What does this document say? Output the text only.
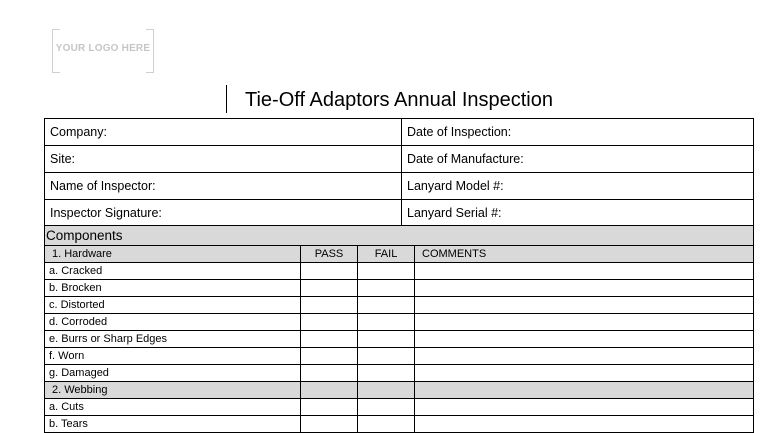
YOUR LOGO HERE
Tie-Off Adaptors Annual Inspection
Company:	Date of Inspection:
Site:	Date of Manufacture:
Name of Inspector:	Lanyard Model #:
Inspector Signature:	Lanyard Serial #:
Components			
1. Hardware	PASS	FAIL	COMMENTS
a. Cracked			
b. Brocken			
c. Distorted			
d. Corroded			
e. Burrs or Sharp Edges			
f. Worn			
g. Damaged			
2. Webbing			
a. Cuts			
b. Tears			
